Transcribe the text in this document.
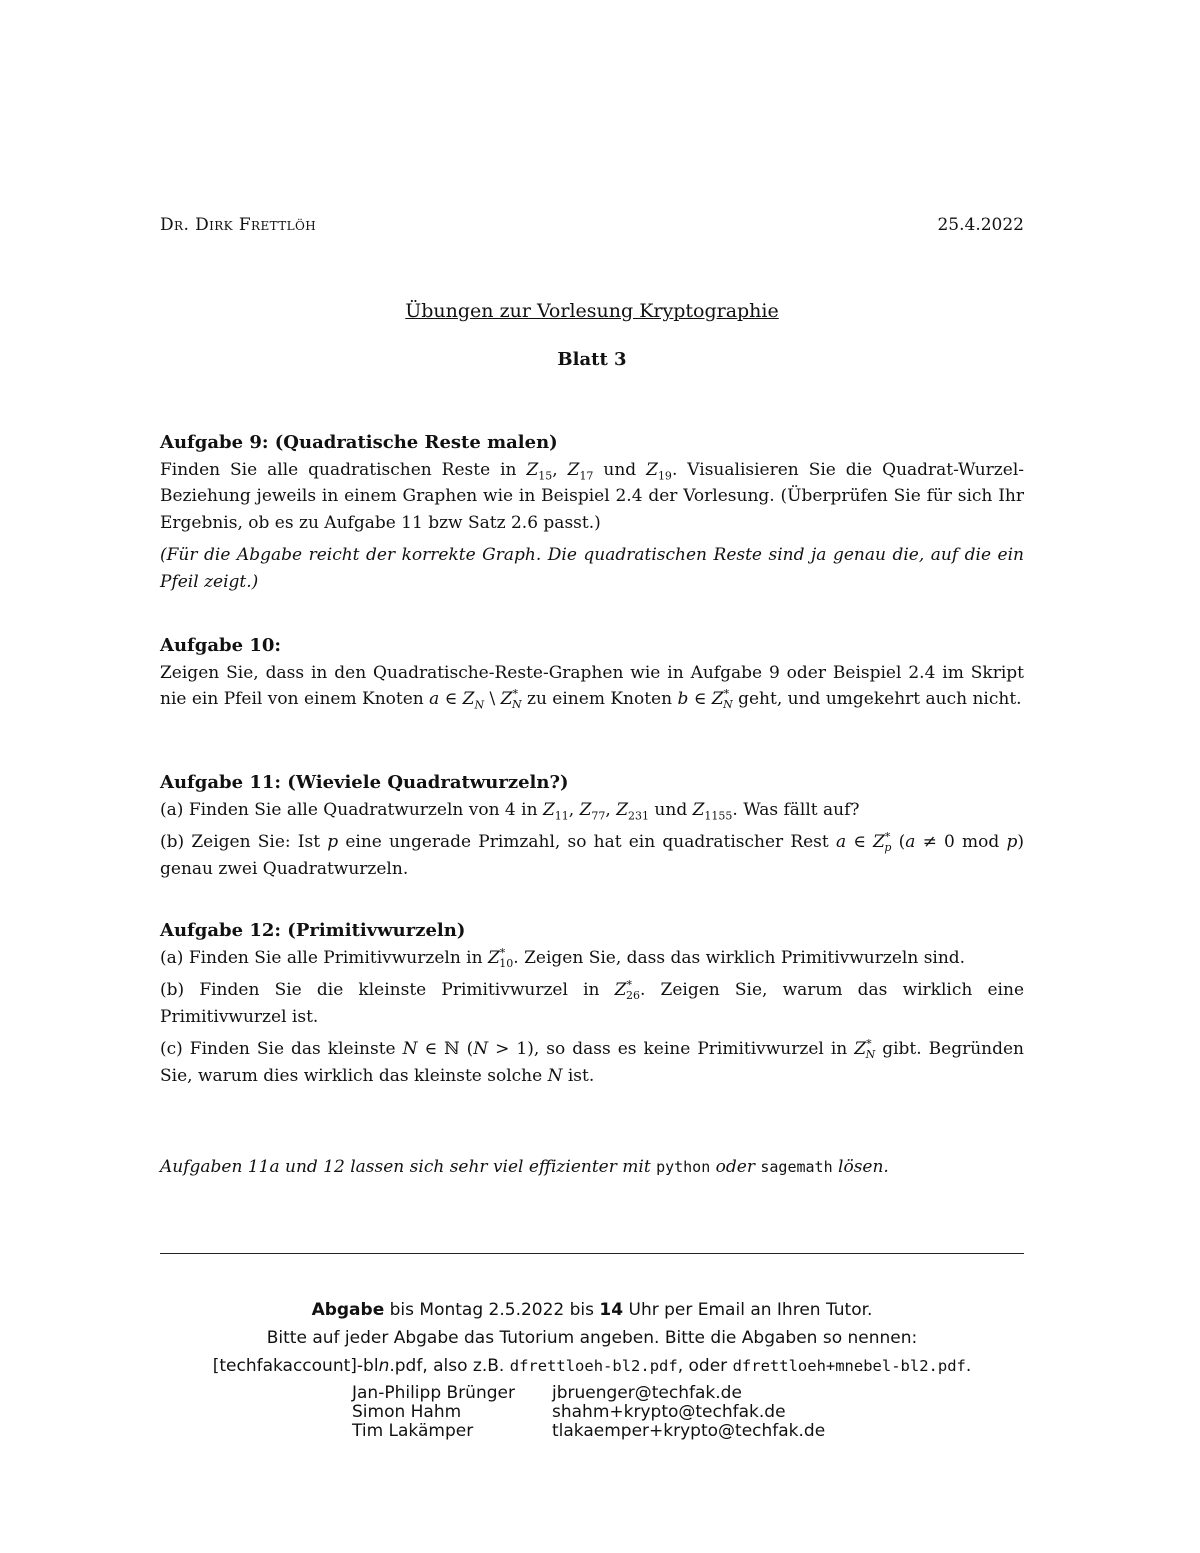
Dr. Dirk Frettlöh	25.4.2022
Übungen zur Vorlesung Kryptographie
Blatt 3
Aufgabe 9: (Quadratische Reste malen)

Finden Sie alle quadratischen Reste in $Z_{15}$, $Z_{17}$ und $Z_{19}$. Visualisieren Sie die Quadrat-Wurzel-Beziehung jeweils in einem Graphen wie in Beispiel 2.4 der Vorlesung. (Überprüfen Sie für sich Ihr Ergebnis, ob es zu Aufgabe 11 bzw Satz 2.6 passt.)

(Für die Abgabe reicht der korrekte Graph. Die quadratischen Reste sind ja genau die, auf die ein Pfeil zeigt.)

Aufgabe 10:

Zeigen Sie, dass in den Quadratische-Reste-Graphen wie in Aufgabe 9 oder Beispiel 2.4 im Skript nie ein Pfeil von einem Knoten a ∈ $Z_N$ \ $Z^*_N$ zu einem Knoten b ∈ $Z^*_N$ geht, und umgekehrt auch nicht.

Aufgabe 11: (Wieviele Quadratwurzeln?)

(a) Finden Sie alle Quadratwurzeln von 4 in $Z_{11}$, $Z_{77}$, $Z_{231}$ und $Z_{1155}$. Was fällt auf?

(b) Zeigen Sie: Ist p eine ungerade Primzahl, so hat ein quadratischer Rest a ∈ $Z^*_p$ (a ≠ 0 mod p) genau zwei Quadratwurzeln.

Aufgabe 12: (Primitivwurzeln)

(a) Finden Sie alle Primitivwurzeln in $Z^*_{10}$. Zeigen Sie, dass das wirklich Primitivwurzeln sind.

(b) Finden Sie die kleinste Primitivwurzel in $Z^*_{26}$. Zeigen Sie, warum das wirklich eine Primitivwurzel ist.

(c) Finden Sie das kleinste N ∈ ℕ (N > 1), so dass es keine Primitivwurzel in $Z^*_N$ gibt. Begründen Sie, warum dies wirklich das kleinste solche N ist.

Aufgaben 11a und 12 lassen sich sehr viel effizienter mit python oder sagemath lösen.
Abgabe bis Montag 2.5.2022 bis 14 Uhr per Email an Ihren Tutor.
Bitte auf jeder Abgabe das Tutorium angeben. Bitte die Abgaben so nennen:
[techfakaccount]-bln.pdf, also z.B. dfrettloeh-bl2.pdf, oder dfrettloeh+mnebel-bl2.pdf.
Jan-Philipp Brünger	jbruenger@techfak.de
Simon Hahm	shahm+krypto@techfak.de
Tim Lakämper	tlakaemper+krypto@techfak.de
